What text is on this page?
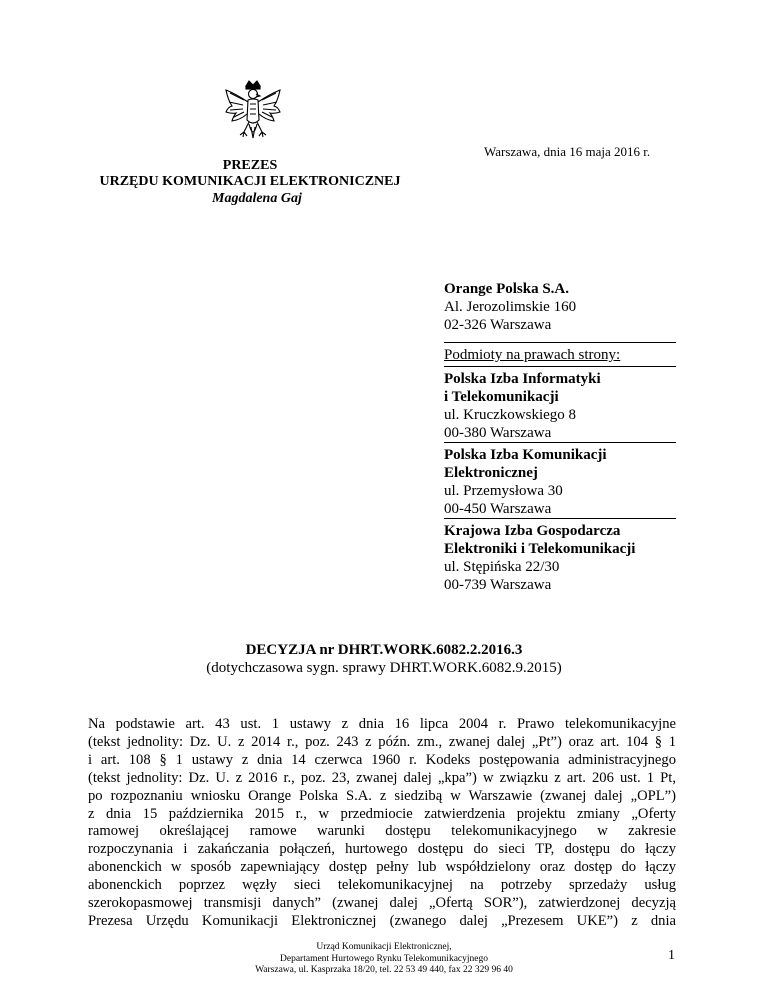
Warszawa, dnia 16 maja 2016 r.
PREZES
URZĘDU KOMUNIKACJI ELEKTRONICZNEJ
Magdalena Gaj
Orange Polska S.A.
Al. Jerozolimskie 160
02-326 Warszawa
Podmioty na prawach strony:
Polska Izba Informatyki
i Telekomunikacji
ul. Kruczkowskiego 8
00-380 Warszawa
Polska Izba Komunikacji
Elektronicznej
ul. Przemysłowa 30
00-450 Warszawa
Krajowa Izba Gospodarcza
Elektroniki i Telekomunikacji
ul. Stępińska 22/30
00-739 Warszawa
DECYZJA nr DHRT.WORK.6082.2.2016.3
(dotychczasowa sygn. sprawy DHRT.WORK.6082.9.2015)
Na podstawie art. 43 ust. 1 ustawy z dnia 16 lipca 2004 r. Prawo telekomunikacyjne
(tekst jednolity: Dz. U. z 2014 r., poz. 243 z późn. zm., zwanej dalej „Pt”) oraz art. 104 § 1
i art. 108 § 1 ustawy z dnia 14 czerwca 1960 r. Kodeks postępowania administracyjnego
(tekst jednolity: Dz. U. z 2016 r., poz. 23, zwanej dalej „kpa”) w związku z art. 206 ust. 1 Pt,
po rozpoznaniu wniosku Orange Polska S.A. z siedzibą w Warszawie (zwanej dalej „OPL”)
z dnia 15 października 2015 r., w przedmiocie zatwierdzenia projektu zmiany „Oferty
ramowej określającej ramowe warunki dostępu telekomunikacyjnego w zakresie
rozpoczynania i zakańczania połączeń, hurtowego dostępu do sieci TP, dostępu do łączy
abonenckich w sposób zapewniający dostęp pełny lub współdzielony oraz dostęp do łączy
abonenckich poprzez węzły sieci telekomunikacyjnej na potrzeby sprzedaży usług
szerokopasmowej transmisji danych” (zwanej dalej „Ofertą SOR”), zatwierdzonej decyzją
Prezesa Urzędu Komunikacji Elektronicznej (zwanego dalej „Prezesem UKE”) z dnia
Urząd Komunikacji Elektronicznej,
Departament Hurtowego Rynku Telekomunikacyjnego
Warszawa, ul. Kasprzaka 18/20, tel. 22 53 49 440, fax 22 329 96 40
1
